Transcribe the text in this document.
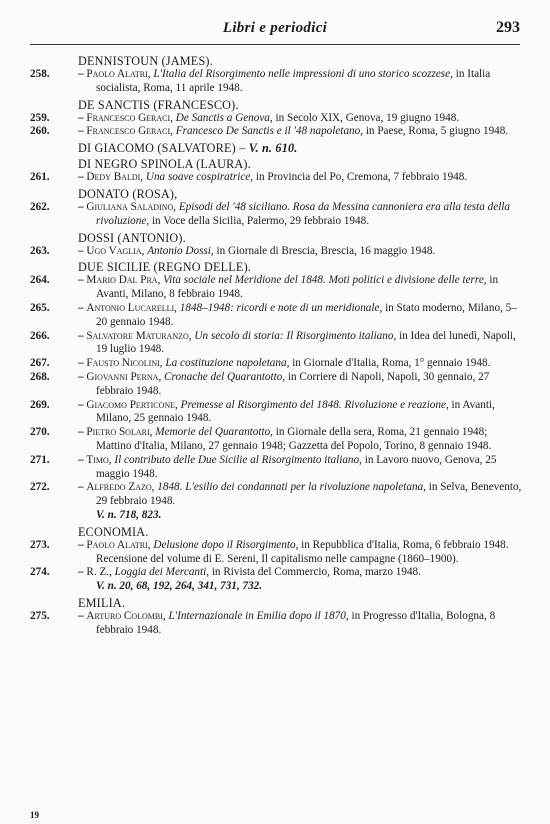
Libri e periodici	293
DENNISTOUN (JAMES).
258.	– Paolo Alatri, L'Italia del Risorgimento nelle impressioni di uno storico scozzese, in Italia socialista, Roma, 11 aprile 1948.
DE SANCTIS (FRANCESCO).
259.	– Francesco Geraci, De Sanctis a Genova, in Secolo XIX, Genova, 19 giugno 1948.
260.	– Francesco Geraci, Francesco De Sanctis e il '48 napoletano, in Paese, Roma, 5 giugno 1948.
DI GIACOMO (SALVATORE) – V. n. 610.
DI NEGRO SPINOLA (LAURA).
261.	– Dedy Baldi, Una soave cospiratrice, in Provincia del Po, Cremona, 7 febbraio 1948.
DONATO (ROSA),
262.	– Giuliana Saladino, Episodi del '48 siciliano. Rosa da Messina cannoniera era alla testa della rivoluzione, in Voce della Sicilia, Palermo, 29 febbraio 1948.
DOSSI (ANTONIO).
263.	– Ugo Vaglia, Antonio Dossi, in Giornale di Brescia, Brescia, 16 maggio 1948.
DUE SICILIE (REGNO DELLE).
264.	– Mario Dal Pra, Vita sociale nel Meridione del 1848. Moti politici e divisione delle terre, in Avanti, Milano, 8 febbraio 1948.
265.	– Antonio Lucarelli, 1848–1948: ricordi e note di un meridionale, in Stato moderno, Milano, 5–20 gennaio 1948.
266.	– Salvatore Maturanzo, Un secolo di storia: Il Risorgimento italiano, in Idea del lunedì, Napoli, 19 luglio 1948.
267.	– Fausto Nicolini, La costituzione napoletana, in Giornale d'Italia, Roma, 1° gennaio 1948.
268.	– Giovanni Perna, Cronache del Quarantotto, in Corriere di Napoli, Napoli, 30 gennaio, 27 febbraio 1948.
269.	– Giacomo Perticone, Premesse al Risorgimento del 1848. Rivoluzione e reazione, in Avanti, Milano, 25 gennaio 1948.
270.	– Pietro Solari, Memorie del Quarantotto, in Giornale della sera, Roma, 21 gennaio 1948; Mattino d'Italia, Milano, 27 gennaio 1948; Gazzetta del Popolo, Torino, 8 gennaio 1948.
271.	– Timo, Il contributo delle Due Sicilie al Risorgimento italiano, in Lavoro nuovo, Genova, 25 maggio 1948.
272.	– Alfredo Zazo, 1848. L'esilio dei condannati per la rivoluzione napoletana, in Selva, Benevento, 29 febbraio 1948.
V. n. 718, 823.
ECONOMIA.
273.	– Paolo Alatri, Delusione dopo il Risorgimento, in Repubblica d'Italia, Roma, 6 febbraio 1948.
Recensione del volume di E. Sereni, Il capitalismo nelle campagne (1860–1900).
274.	– R. Z., Loggia dei Mercanti, in Rivista del Commercio, Roma, marzo 1948.
V. n. 20, 68, 192, 264, 341, 731, 732.
EMILIA.
275.	– Arturo Colombi, L'Internazionale in Emilia dopo il 1870, in Progresso d'Italia, Bologna, 8 febbraio 1948.
19
